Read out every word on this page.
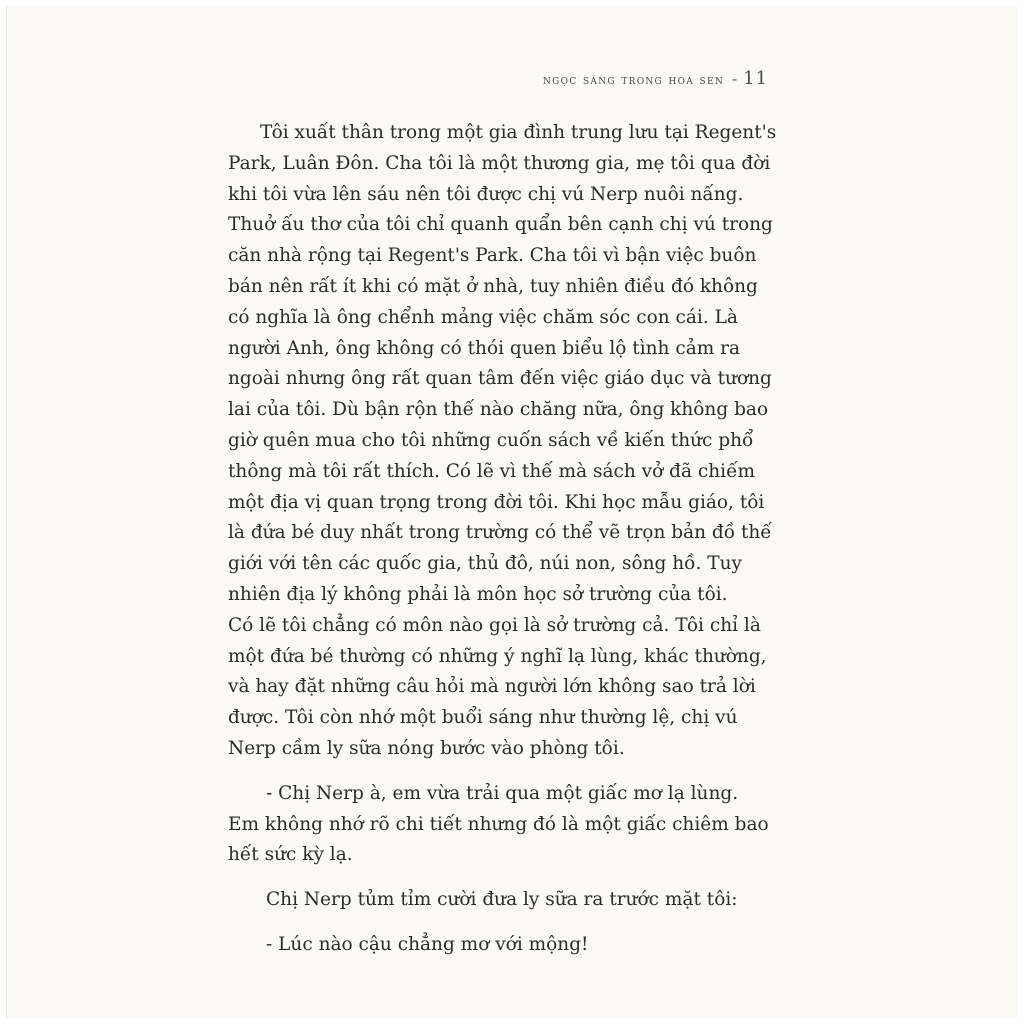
ngọc sáng trong hoa sen - 11

Tôi xuất thân trong một gia đình trung lưu tại Regent's
Park, Luân Đôn. Cha tôi là một thương gia, mẹ tôi qua đời
khi tôi vừa lên sáu nên tôi được chị vú Nerp nuôi nấng.
Thuở ấu thơ của tôi chỉ quanh quẩn bên cạnh chị vú trong
căn nhà rộng tại Regent's Park. Cha tôi vì bận việc buôn
bán nên rất ít khi có mặt ở nhà, tuy nhiên điều đó không
có nghĩa là ông chểnh mảng việc chăm sóc con cái. Là
người Anh, ông không có thói quen biểu lộ tình cảm ra
ngoài nhưng ông rất quan tâm đến việc giáo dục và tương
lai của tôi. Dù bận rộn thế nào chăng nữa, ông không bao
giờ quên mua cho tôi những cuốn sách về kiến thức phổ
thông mà tôi rất thích. Có lẽ vì thế mà sách vở đã chiếm
một địa vị quan trọng trong đời tôi. Khi học mẫu giáo, tôi
là đứa bé duy nhất trong trường có thể vẽ trọn bản đồ thế
giới với tên các quốc gia, thủ đô, núi non, sông hồ. Tuy
nhiên địa lý không phải là môn học sở trường của tôi.
Có lẽ tôi chẳng có môn nào gọi là sở trường cả. Tôi chỉ là
một đứa bé thường có những ý nghĩ lạ lùng, khác thường,
và hay đặt những câu hỏi mà người lớn không sao trả lời
được. Tôi còn nhớ một buổi sáng như thường lệ, chị vú
Nerp cầm ly sữa nóng bước vào phòng tôi.

- Chị Nerp à, em vừa trải qua một giấc mơ lạ lùng.
Em không nhớ rõ chi tiết nhưng đó là một giấc chiêm bao
hết sức kỳ lạ.

Chị Nerp tủm tỉm cười đưa ly sữa ra trước mặt tôi:

- Lúc nào cậu chẳng mơ với mộng!
